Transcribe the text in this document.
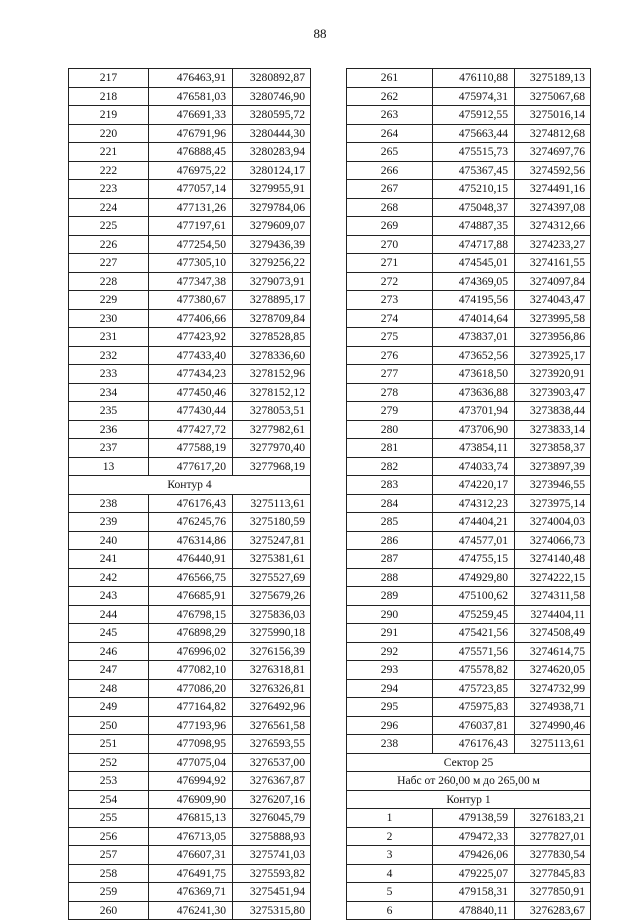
88
217	476463,91	3280892,87
218	476581,03	3280746,90
219	476691,33	3280595,72
220	476791,96	3280444,30
221	476888,45	3280283,94
222	476975,22	3280124,17
223	477057,14	3279955,91
224	477131,26	3279784,06
225	477197,61	3279609,07
226	477254,50	3279436,39
227	477305,10	3279256,22
228	477347,38	3279073,91
229	477380,67	3278895,17
230	477406,66	3278709,84
231	477423,92	3278528,85
232	477433,40	3278336,60
233	477434,23	3278152,96
234	477450,46	3278152,12
235	477430,44	3278053,51
236	477427,72	3277982,61
237	477588,19	3277970,40
13	477617,20	3277968,19
Контур 4		
238	476176,43	3275113,61
239	476245,76	3275180,59
240	476314,86	3275247,81
241	476440,91	3275381,61
242	476566,75	3275527,69
243	476685,91	3275679,26
244	476798,15	3275836,03
245	476898,29	3275990,18
246	476996,02	3276156,39
247	477082,10	3276318,81
248	477086,20	3276326,81
249	477164,82	3276492,96
250	477193,96	3276561,58
251	477098,95	3276593,55
252	477075,04	3276537,00
253	476994,92	3276367,87
254	476909,90	3276207,16
255	476815,13	3276045,79
256	476713,05	3275888,93
257	476607,31	3275741,03
258	476491,75	3275593,82
259	476369,71	3275451,94
260	476241,30	3275315,80
261	476110,88	3275189,13
262	475974,31	3275067,68
263	475912,55	3275016,14
264	475663,44	3274812,68
265	475515,73	3274697,76
266	475367,45	3274592,56
267	475210,15	3274491,16
268	475048,37	3274397,08
269	474887,35	3274312,66
270	474717,88	3274233,27
271	474545,01	3274161,55
272	474369,05	3274097,84
273	474195,56	3274043,47
274	474014,64	3273995,58
275	473837,01	3273956,86
276	473652,56	3273925,17
277	473618,50	3273920,91
278	473636,88	3273903,47
279	473701,94	3273838,44
280	473706,90	3273833,14
281	473854,11	3273858,37
282	474033,74	3273897,39
283	474220,17	3273946,55
284	474312,23	3273975,14
285	474404,21	3274004,03
286	474577,01	3274066,73
287	474755,15	3274140,48
288	474929,80	3274222,15
289	475100,62	3274311,58
290	475259,45	3274404,11
291	475421,56	3274508,49
292	475571,56	3274614,75
293	475578,82	3274620,05
294	475723,85	3274732,99
295	475975,83	3274938,71
296	476037,81	3274990,46
238	476176,43	3275113,61
Сектор 25		
Набс от 260,00 м до 265,00 м		
Контур 1		
1	479138,59	3276183,21
2	479472,33	3277827,01
3	479426,06	3277830,54
4	479225,07	3277845,83
5	479158,31	3277850,91
6	478840,11	3276283,67
